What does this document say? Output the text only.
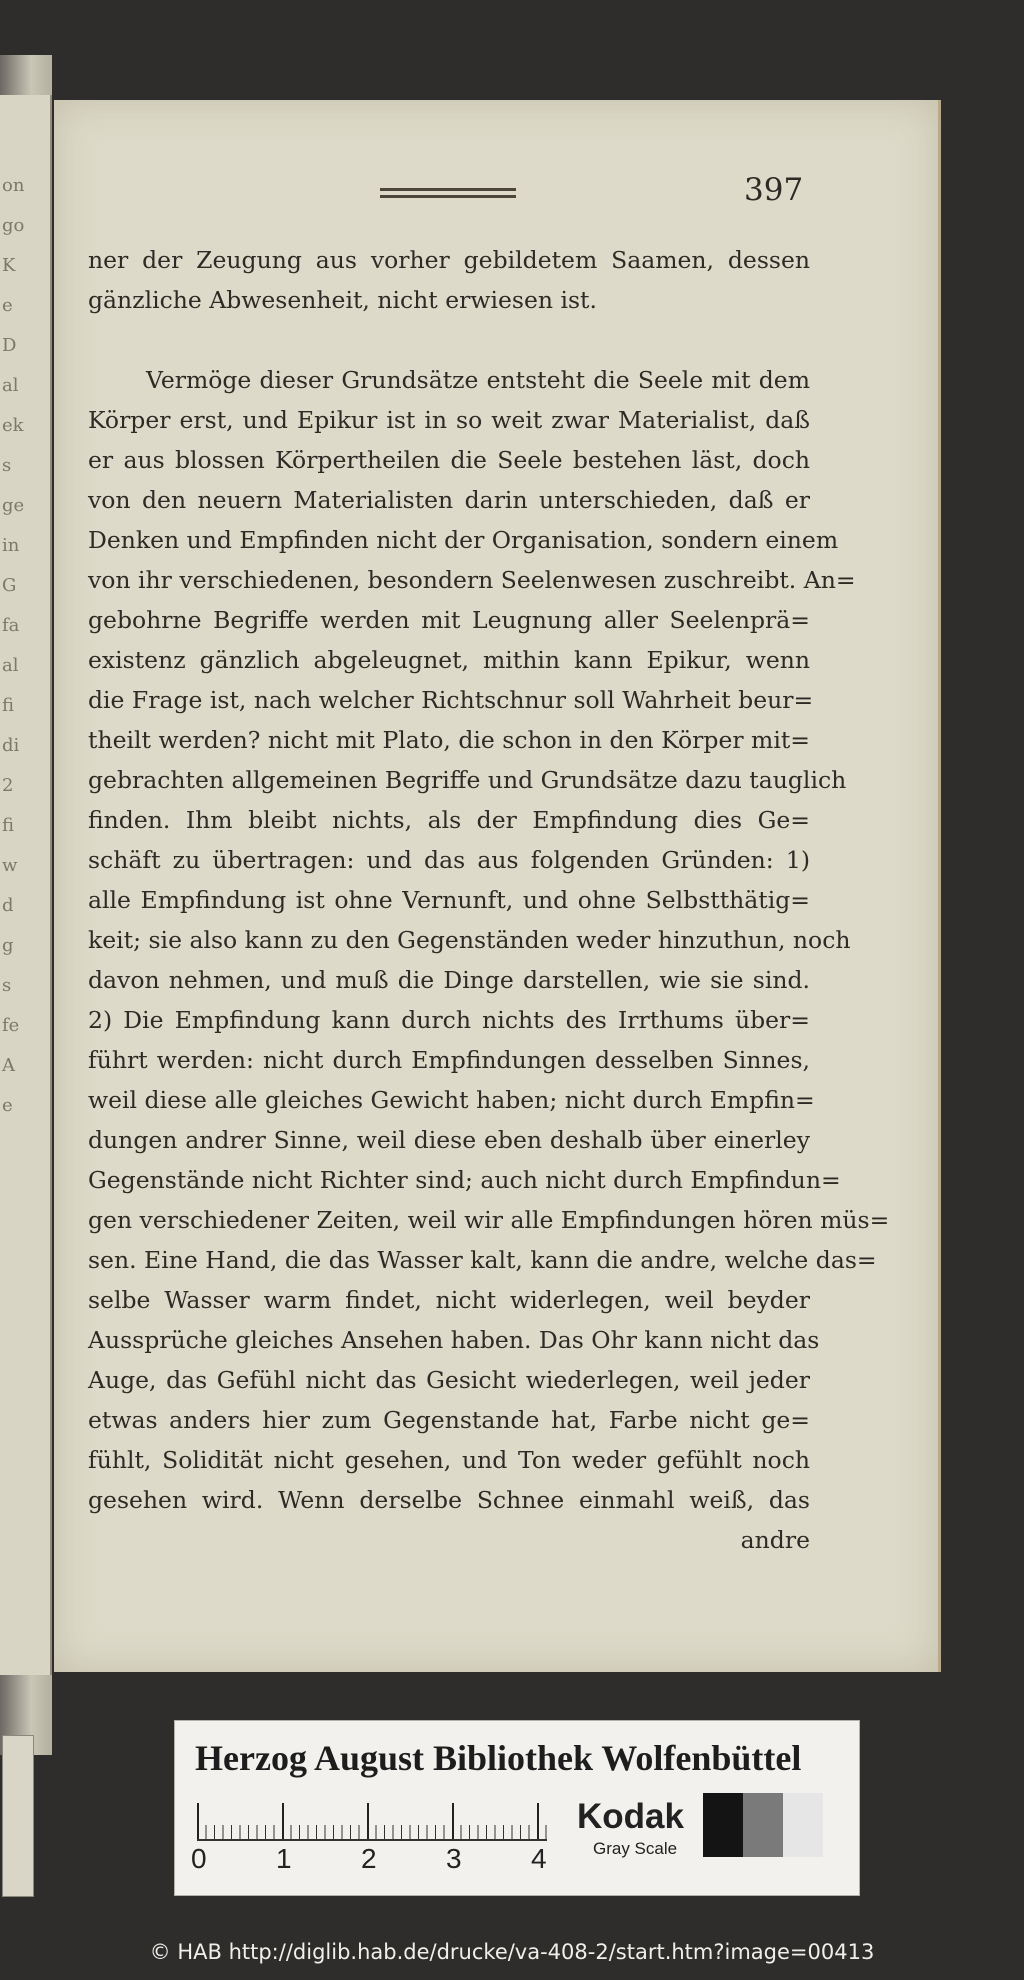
on
go
K
e
D
al
ek
s
ge
in
G
fa
al
fi
di
2
fi
w
d
g
s
fe
A
e
397
ner der Zeugung aus vorher gebildetem Saamen, dessen
gänzliche Abwesenheit, nicht erwiesen ist.
Vermöge dieser Grundsätze entsteht die Seele mit dem
Körper erst, und Epikur ist in so weit zwar Materialist, daß
er aus blossen Körpertheilen die Seele bestehen läst, doch
von den neuern Materialisten darin unterschieden, daß er
Denken und Empfinden nicht der Organisation, sondern einem
von ihr verschiedenen, besondern Seelenwesen zuschreibt. An=
gebohrne Begriffe werden mit Leugnung aller Seelenprä=
existenz gänzlich abgeleugnet, mithin kann Epikur, wenn
die Frage ist, nach welcher Richtschnur soll Wahrheit beur=
theilt werden? nicht mit Plato, die schon in den Körper mit=
gebrachten allgemeinen Begriffe und Grundsätze dazu tauglich
finden. Ihm bleibt nichts, als der Empfindung dies Ge=
schäft zu übertragen: und das aus folgenden Gründen: 1)
alle Empfindung ist ohne Vernunft, und ohne Selbstthätig=
keit; sie also kann zu den Gegenständen weder hinzuthun, noch
davon nehmen, und muß die Dinge darstellen, wie sie sind.
2) Die Empfindung kann durch nichts des Irrthums über=
führt werden: nicht durch Empfindungen desselben Sinnes,
weil diese alle gleiches Gewicht haben; nicht durch Empfin=
dungen andrer Sinne, weil diese eben deshalb über einerley
Gegenstände nicht Richter sind; auch nicht durch Empfindun=
gen verschiedener Zeiten, weil wir alle Empfindungen hören müs=
sen. Eine Hand, die das Wasser kalt, kann die andre, welche das=
selbe Wasser warm findet, nicht widerlegen, weil beyder
Aussprüche gleiches Ansehen haben. Das Ohr kann nicht das
Auge, das Gefühl nicht das Gesicht wiederlegen, weil jeder
etwas anders hier zum Gegenstande hat, Farbe nicht ge=
fühlt, Solidität nicht gesehen, und Ton weder gefühlt noch
gesehen wird. Wenn derselbe Schnee einmahl weiß, das
andre
Herzog August Bibliothek Wolfenbüttel
Kodak
Gray Scale
0 1 2 3 4
© HAB http://diglib.hab.de/drucke/va-408-2/start.htm?image=00413
